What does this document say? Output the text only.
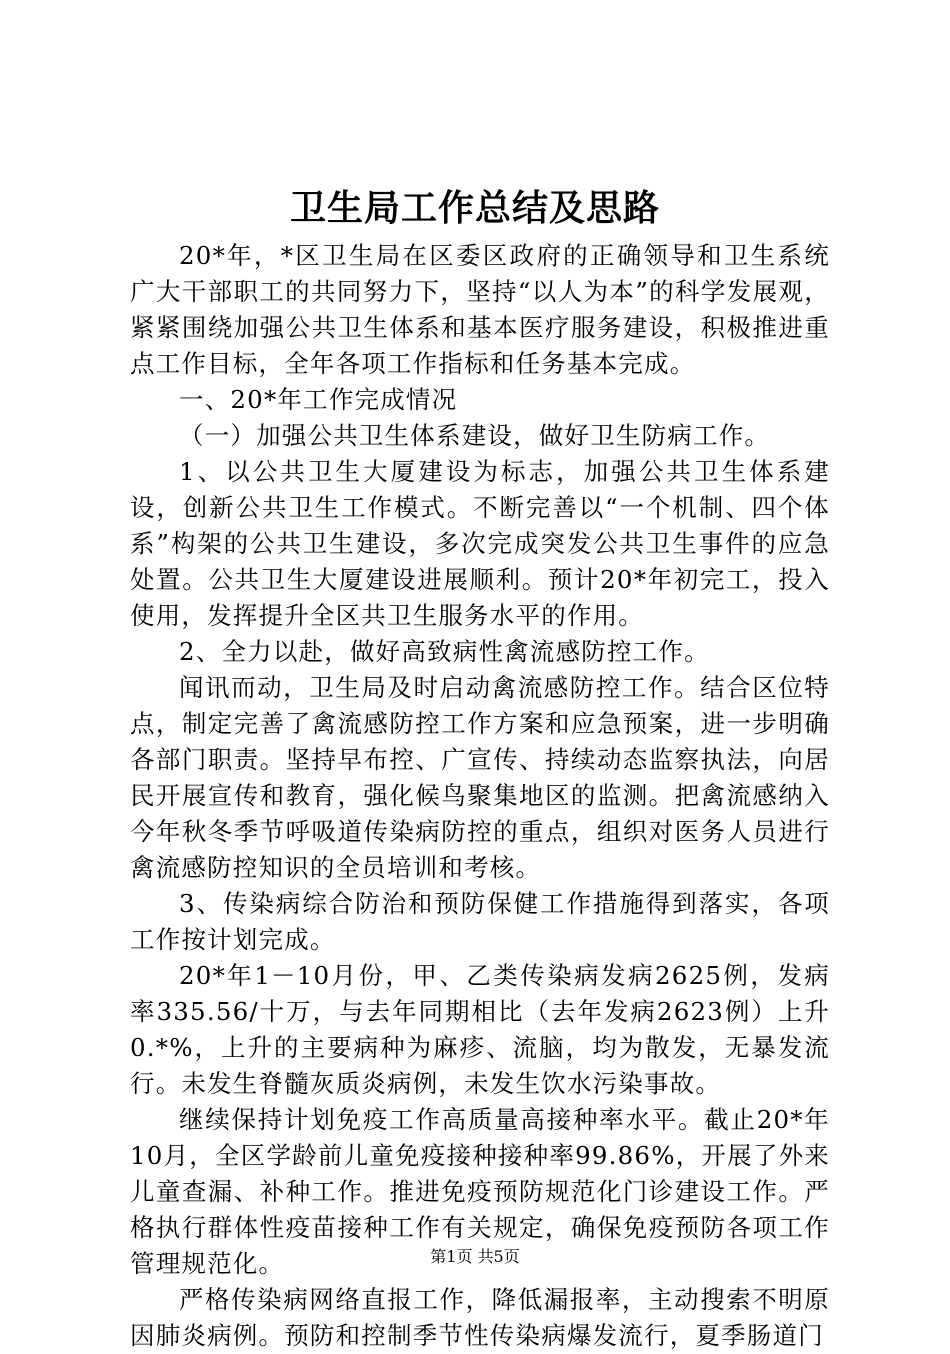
卫生局工作总结及思路

20*年，*区卫生局在区委区政府的正确领导和卫生系统广大干部职工的共同努力下，坚持“以人为本”的科学发展观，紧紧围绕加强公共卫生体系和基本医疗服务建设，积极推进重点工作目标，全年各项工作指标和任务基本完成。

一、20*年工作完成情况

（一）加强公共卫生体系建设，做好卫生防病工作。

1、以公共卫生大厦建设为标志，加强公共卫生体系建设，创新公共卫生工作模式。不断完善以“一个机制、四个体系”构架的公共卫生建设，多次完成突发公共卫生事件的应急处置。公共卫生大厦建设进展顺利。预计20*年初完工，投入使用，发挥提升全区共卫生服务水平的作用。

2、全力以赴，做好高致病性禽流感防控工作。

闻讯而动，卫生局及时启动禽流感防控工作。结合区位特点，制定完善了禽流感防控工作方案和应急预案，进一步明确各部门职责。坚持早布控、广宣传、持续动态监察执法，向居民开展宣传和教育，强化候鸟聚集地区的监测。把禽流感纳入今年秋冬季节呼吸道传染病防控的重点，组织对医务人员进行禽流感防控知识的全员培训和考核。

3、传染病综合防治和预防保健工作措施得到落实，各项工作按计划完成。

20*年1－10月份，甲、乙类传染病发病2625例，发病率335.56/十万，与去年同期相比（去年发病2623例）上升0.*%，上升的主要病种为麻疹、流脑，均为散发，无暴发流行。未发生脊髓灰质炎病例，未发生饮水污染事故。

继续保持计划免疫工作高质量高接种率水平。截止20*年10月，全区学龄前儿童免疫接种接种率99.86%，开展了外来儿童查漏、补种工作。推进免疫预防规范化门诊建设工作。严格执行群体性疫苗接种工作有关规定，确保免疫预防各项工作管理规范化。

严格传染病网络直报工作，降低漏报率，主动搜索不明原因肺炎病例。预防和控制季节性传染病爆发流行，夏季肠道门

第1页 共5页
